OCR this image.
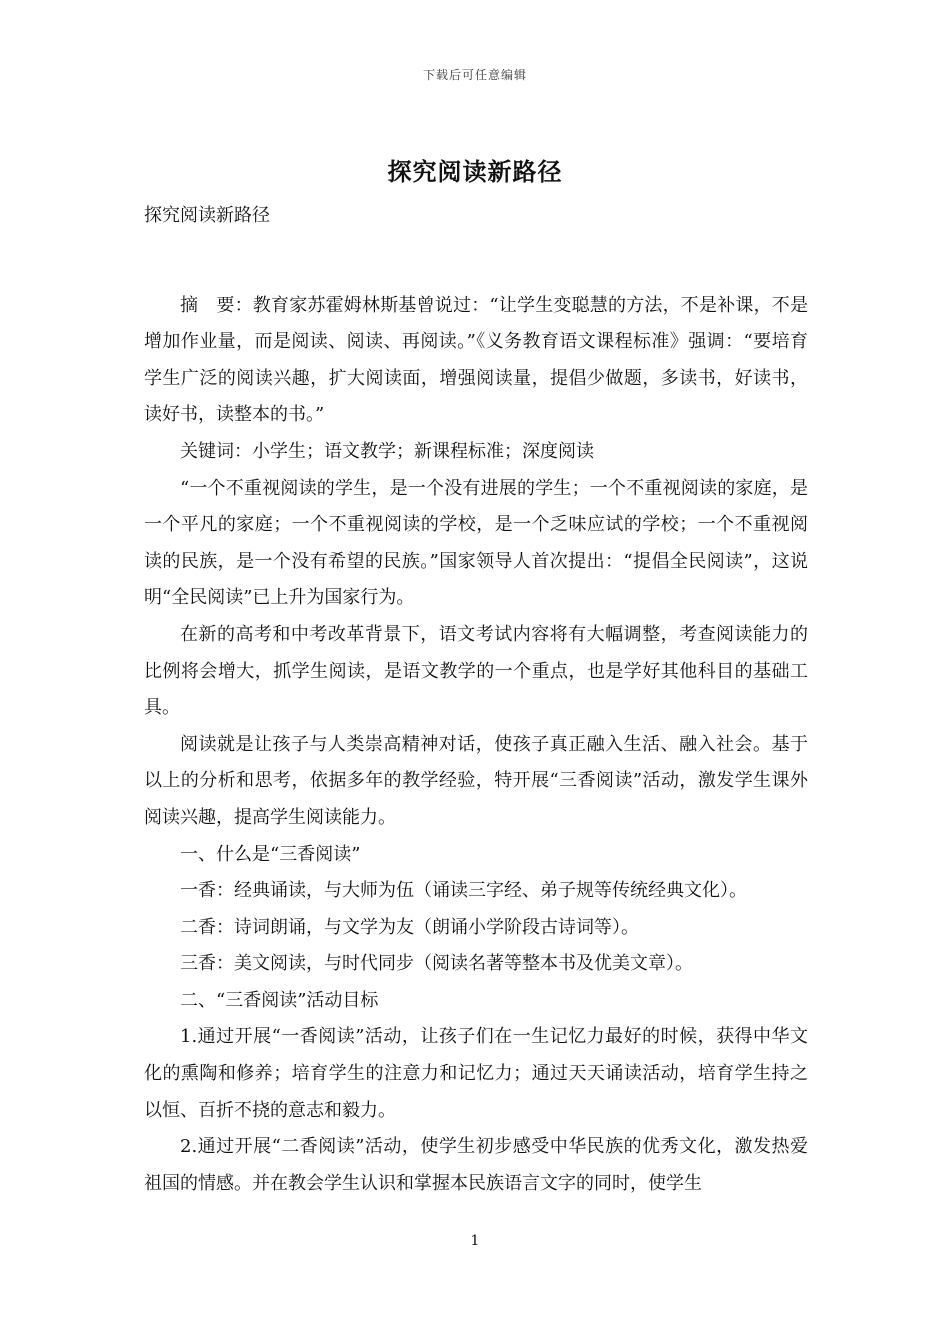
下载后可任意编辑
探究阅读新路径

探究阅读新路径

摘　要：教育家苏霍姆林斯基曾说过：“让学生变聪慧的方法，不是补课，不是增加作业量，而是阅读、阅读、再阅读。”《义务教育语文课程标准》强调：“要培育学生广泛的阅读兴趣，扩大阅读面，增强阅读量，提倡少做题，多读书，好读书，读好书，读整本的书。”

关键词：小学生；语文教学；新课程标准；深度阅读

“一个不重视阅读的学生，是一个没有进展的学生；一个不重视阅读的家庭，是一个平凡的家庭；一个不重视阅读的学校，是一个乏味应试的学校；一个不重视阅读的民族，是一个没有希望的民族。”国家领导人首次提出：“提倡全民阅读”，这说明“全民阅读”已上升为国家行为。

在新的高考和中考改革背景下，语文考试内容将有大幅调整，考查阅读能力的比例将会增大，抓学生阅读，是语文教学的一个重点，也是学好其他科目的基础工具。

阅读就是让孩子与人类崇高精神对话，使孩子真正融入生活、融入社会。基于以上的分析和思考，依据多年的教学经验，特开展“三香阅读”活动，激发学生课外阅读兴趣，提高学生阅读能力。

一、什么是“三香阅读”

一香：经典诵读，与大师为伍（诵读三字经、弟子规等传统经典文化）。

二香：诗词朗诵，与文学为友（朗诵小学阶段古诗词等）。

三香：美文阅读，与时代同步（阅读名著等整本书及优美文章）。

二、“三香阅读”活动目标

1.通过开展“一香阅读”活动，让孩子们在一生记忆力最好的时候，获得中华文化的熏陶和修养；培育学生的注意力和记忆力；通过天天诵读活动，培育学生持之以恒、百折不挠的意志和毅力。

2.通过开展“二香阅读”活动，使学生初步感受中华民族的优秀文化，激发热爱祖国的情感。并在教会学生认识和掌握本民族语言文字的同时，使学生

1
